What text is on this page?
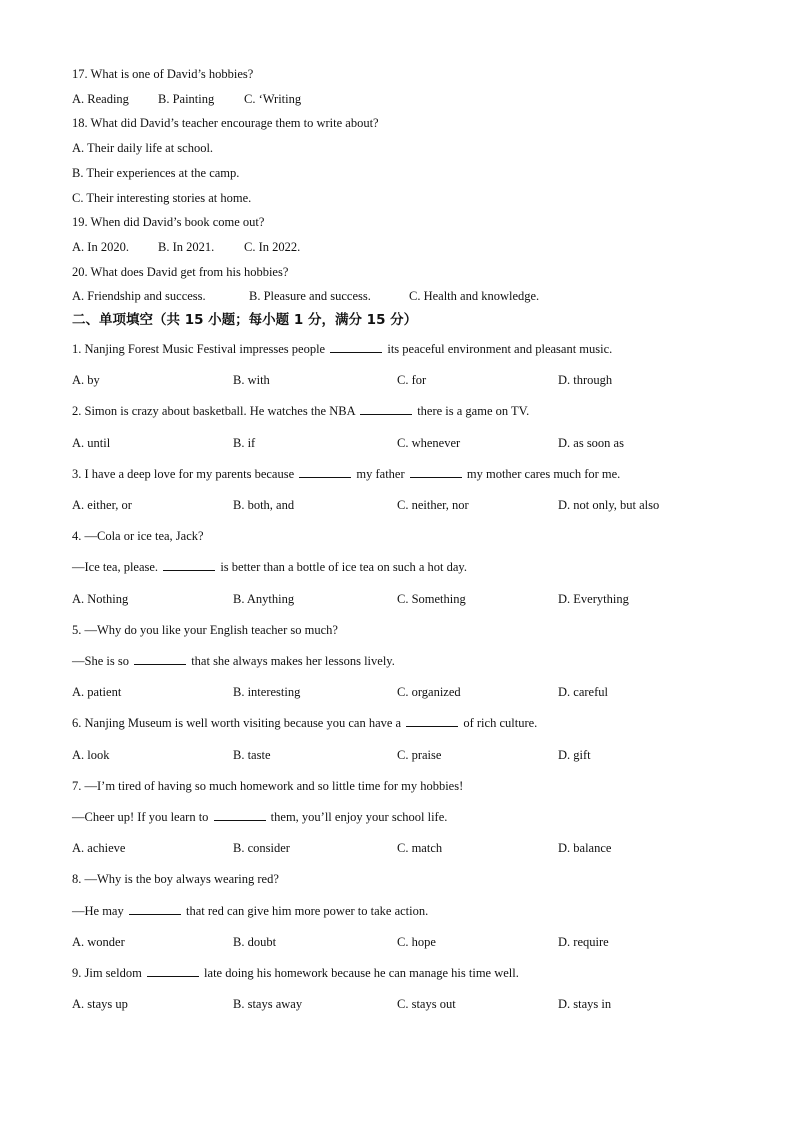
17. What is one of David’s hobbies?
A. Reading B. Painting C. ‘Writing
18. What did David’s teacher encourage them to write about?
A. Their daily life at school.
B. Their experiences at the camp.
C. Their interesting stories at home.
19. When did David’s book come out?
A. In 2020. B. In 2021. C. In 2022.
20. What does David get from his hobbies?
A. Friendship and success.	B. Pleasure and success.	C. Health and knowledge.
二、单项填空（共 15 小题；每小题 1 分，满分 15 分）
1. Nanjing Forest Music Festival impresses people	its peaceful environment and pleasant music.
A. by	B. with	C. for	D. through
2. Simon is crazy about basketball. He watches the NBA	there is a game on TV.
A. until	B. if	C. whenever	D. as soon as
3. I have a deep love for my parents because	my father	my mother cares much for me.
A. either, or	B. both, and	C. neither, nor	D. not only, but also
4. —Cola or ice tea, Jack?
—Ice tea, please.	is better than a bottle of ice tea on such a hot day.
A. Nothing	B. Anything	C. Something	D. Everything
5. —Why do you like your English teacher so much?
—She is so	that she always makes her lessons lively.
A. patient	B. interesting	C. organized	D. careful
6. Nanjing Museum is well worth visiting because you can have a	of rich culture.
A. look	B. taste	C. praise	D. gift
7. —I’m tired of having so much homework and so little time for my hobbies!
—Cheer up! If you learn to	them, you’ll enjoy your school life.
A. achieve	B. consider	C. match	D. balance
8. —Why is the boy always wearing red?
—He may	that red can give him more power to take action.
A. wonder	B. doubt	C. hope	D. require
9. Jim seldom	late doing his homework because he can manage his time well.
A. stays up	B. stays away	C. stays out	D. stays in
